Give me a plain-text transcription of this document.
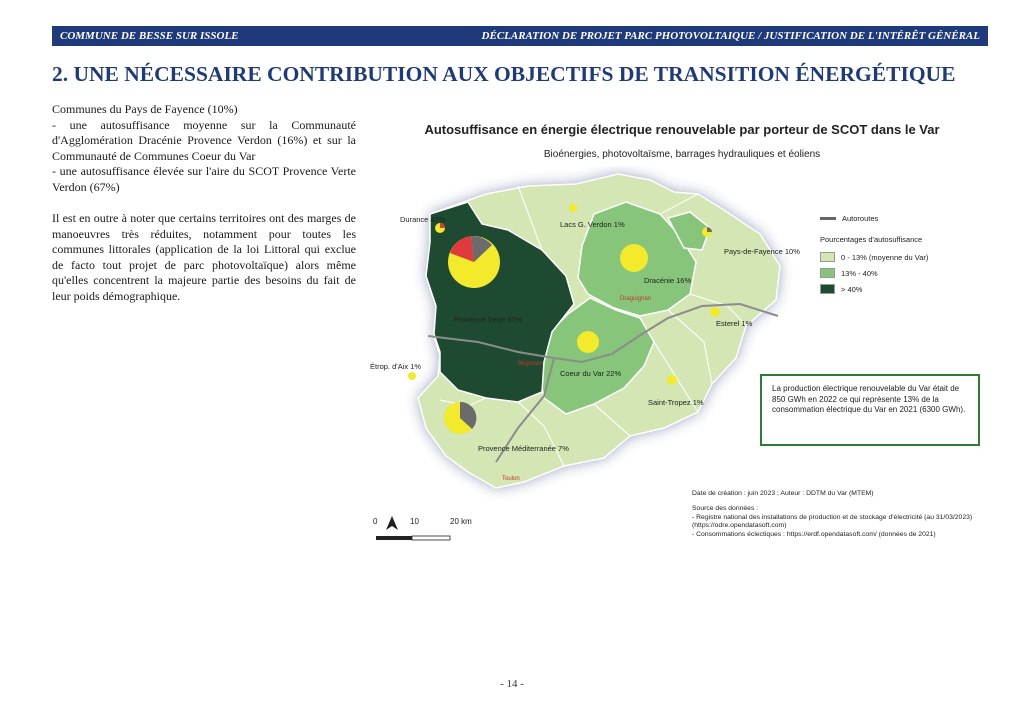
COMMUNE DE BESSE SUR ISSOLE	DÉCLARATION DE PROJET PARC PHOTOVOLTAIQUE / JUSTIFICATION DE L'INTÉRÊT GÉNÉRAL
2. UNE NÉCESSAIRE CONTRIBUTION AUX OBJECTIFS DE TRANSITION ÉNERGÉTIQUE

Communes du Pays de Fayence (10%)

- une autosuffisance moyenne sur la Communauté d'Agglomération Dracénie Provence Verdon (16%) et sur la Communauté de Communes Coeur du Var

- une autosuffisance élevée sur l'aire du SCOT Provence Verte Verdon (67%)

Il est en outre à noter que certains territoires ont des marges de manoeuvres très réduites, notamment pour toutes les communes littorales (application de la loi Littoral qui exclue de facto tout projet de parc photovoltaïque) alors même qu'elles concentrent la majeure partie des besoins du fait de leur poids démographique.

Autosuffisance en énergie électrique renouvelable par porteur de SCOT dans le Var
Bioénergies, photovoltaïsme, barrages hydrauliques et éoliens
Durance 47%
Lacs G. Verdon 1%
Pays-de-Fayence 10%
Dracénie 16%
Provence Verte 67%	Esterel 1%
Étrop. d'Aix 1%
Coeur du Var 22%
Saint-Tropez 1%
Provence Méditerranée 7%
Draguignan
Brignoles
Toulon
Autoroutes
Pourcentages d'autosuffisance
0 - 13% (moyenne du Var)
13% - 40%
> 40%
La production électrique renouvelable du Var était de 850 GWh en 2022 ce qui représente 13% de la consommation électrique du Var en 2021 (6300 GWh).
Date de création : juin 2023 ; Auteur : DDTM du Var (MTEM)
Source des données :
- Registre national des installations de production et de stockage d'électricité (au 31/03/2023) (https://odre.opendatasoft.com)
- Consommations éclectiques : https://erdf.opendatasoft.com/ (données de 2021)
0	10	20 km
- 14 -
